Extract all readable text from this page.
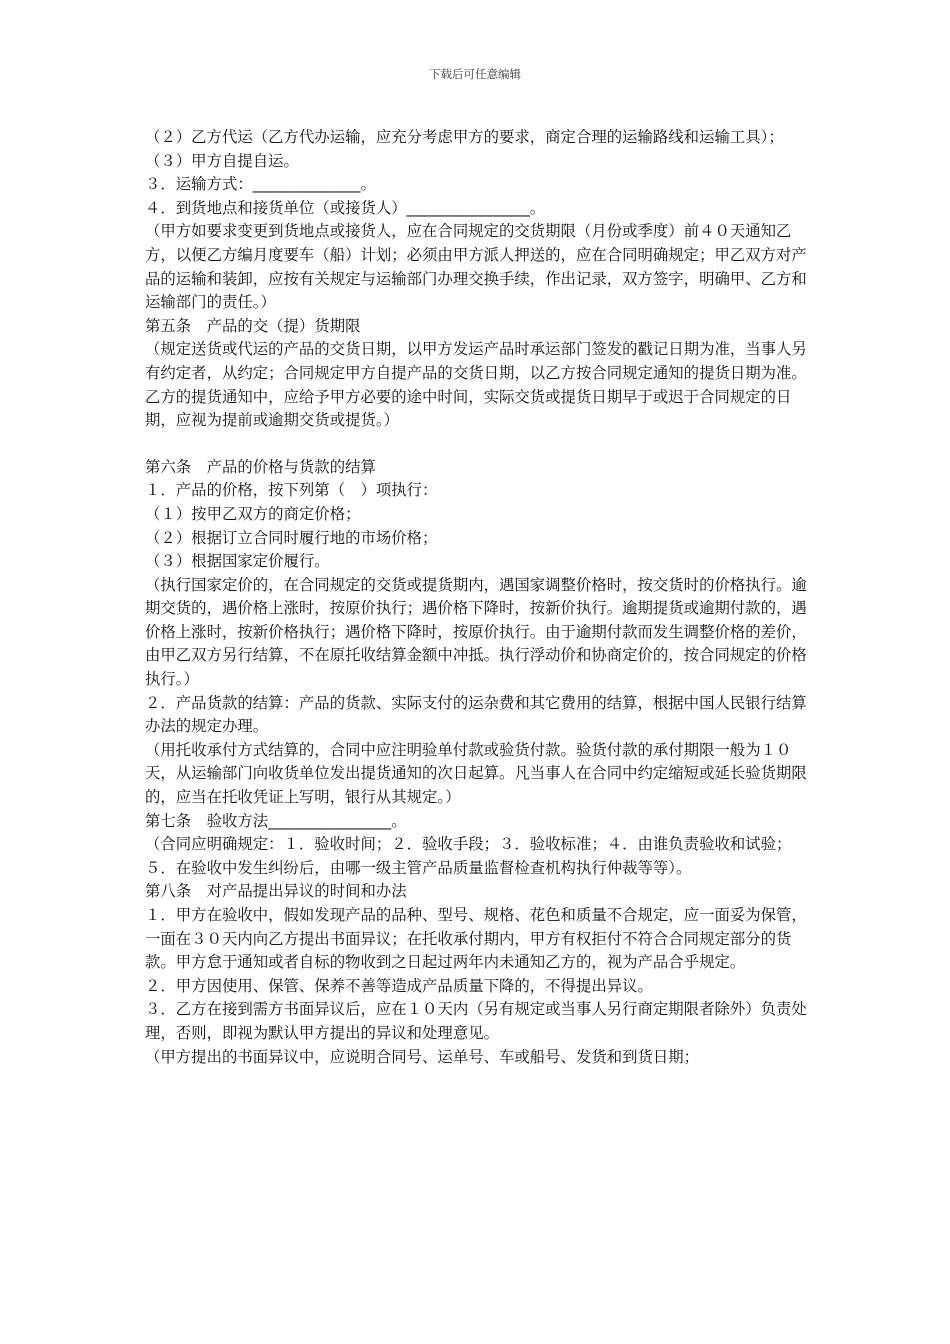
下载后可任意编辑

（２）乙方代运（乙方代办运输，应充分考虑甲方的要求，商定合理的运输路线和运输工具）；

（３）甲方自提自运。

３．运输方式：______________。

４．到货地点和接货单位（或接货人）________________。

（甲方如要求变更到货地点或接货人，应在合同规定的交货期限（月份或季度）前４０天通知乙方，以便乙方编月度要车（船）计划；必须由甲方派人押送的，应在合同明确规定；甲乙双方对产品的运输和装卸，应按有关规定与运输部门办理交换手续，作出记录，双方签字，明确甲、乙方和运输部门的责任。）

第五条　产品的交（提）货期限

（规定送货或代运的产品的交货日期，以甲方发运产品时承运部门签发的戳记日期为准，当事人另有约定者，从约定；合同规定甲方自提产品的交货日期，以乙方按合同规定通知的提货日期为准。乙方的提货通知中，应给予甲方必要的途中时间，实际交货或提货日期早于或迟于合同规定的日期，应视为提前或逾期交货或提货。）

第六条　产品的价格与货款的结算

１．产品的价格，按下列第（　）项执行：

（１）按甲乙双方的商定价格；

（２）根据订立合同时履行地的市场价格；

（３）根据国家定价履行。

（执行国家定价的，在合同规定的交货或提货期内，遇国家调整价格时，按交货时的价格执行。逾期交货的，遇价格上涨时，按原价执行；遇价格下降时，按新价执行。逾期提货或逾期付款的，遇价格上涨时，按新价格执行；遇价格下降时，按原价执行。由于逾期付款而发生调整价格的差价，由甲乙双方另行结算，不在原托收结算金额中冲抵。执行浮动价和协商定价的，按合同规定的价格执行。）

２．产品货款的结算：产品的货款、实际支付的运杂费和其它费用的结算，根据中国人民银行结算办法的规定办理。

（用托收承付方式结算的，合同中应注明验单付款或验货付款。验货付款的承付期限一般为１０天，从运输部门向收货单位发出提货通知的次日起算。凡当事人在合同中约定缩短或延长验货期限的，应当在托收凭证上写明，银行从其规定。）

第七条　验收方法________________。

（合同应明确规定：１．验收时间；２．验收手段；３．验收标准；４．由谁负责验收和试验；５．在验收中发生纠纷后，由哪一级主管产品质量监督检查机构执行仲裁等等）。

第八条　对产品提出异议的时间和办法

１．甲方在验收中，假如发现产品的品种、型号、规格、花色和质量不合规定，应一面妥为保管，一面在３０天内向乙方提出书面异议；在托收承付期内，甲方有权拒付不符合合同规定部分的货款。甲方怠于通知或者自标的物收到之日起过两年内未通知乙方的，视为产品合乎规定。

２．甲方因使用、保管、保养不善等造成产品质量下降的，不得提出异议。

３．乙方在接到需方书面异议后，应在１０天内（另有规定或当事人另行商定期限者除外）负责处理，否则，即视为默认甲方提出的异议和处理意见。

（甲方提出的书面异议中，应说明合同号、运单号、车或船号、发货和到货日期；
